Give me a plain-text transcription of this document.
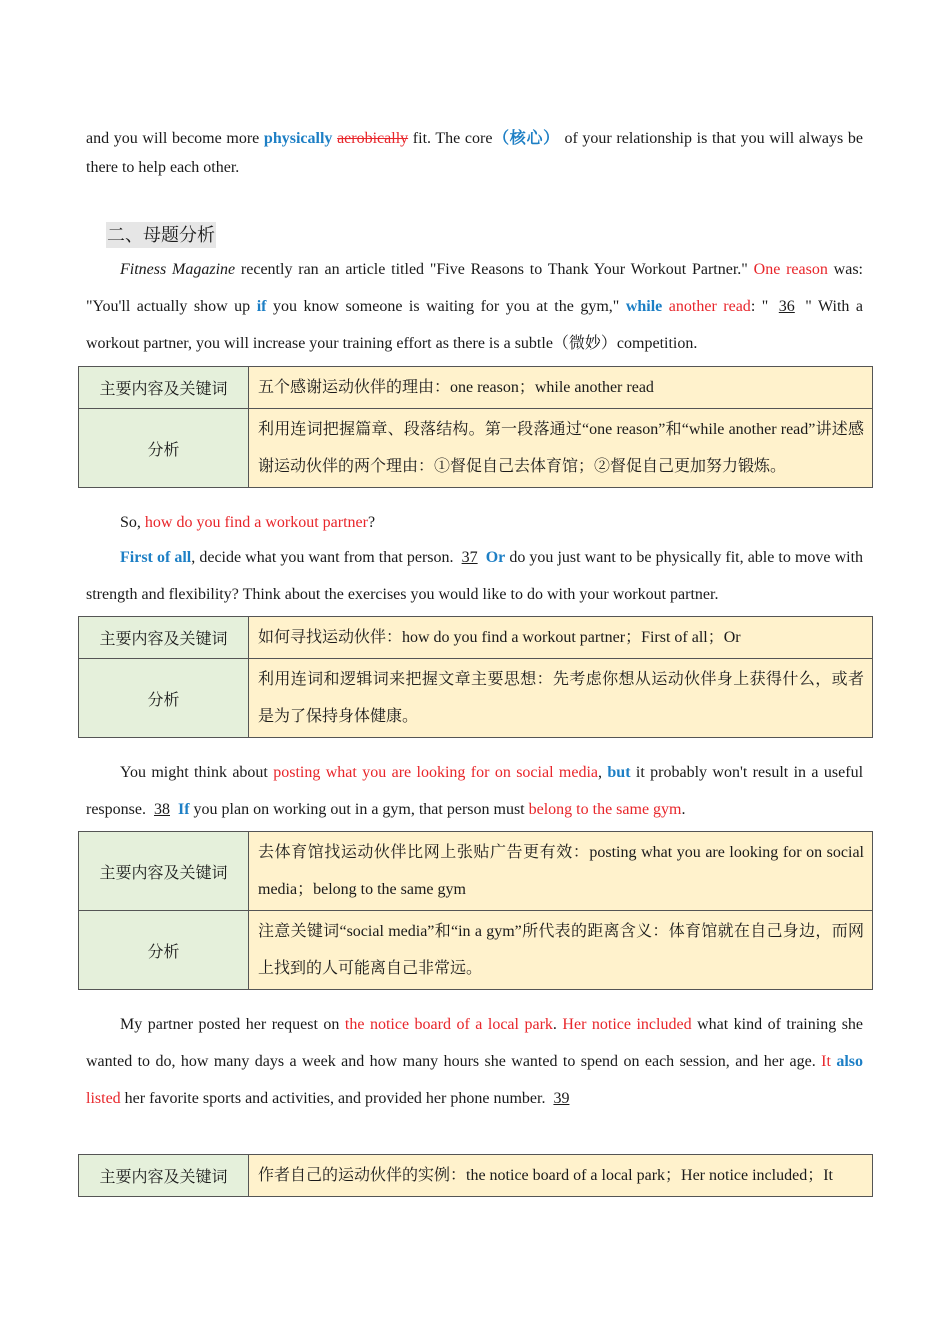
and you will become more physically aerobically fit. The core（核心） of your relationship is that you will always be there to help each other.
二、母题分析
Fitness Magazine recently ran an article titled "Five Reasons to Thank Your Workout Partner." One reason was: "You'll actually show up if you know someone is waiting for you at the gym," while another read: " 36 " With a workout partner, you will increase your training effort as there is a subtle（微妙）competition.
主要内容及关键词	五个感谢运动伙伴的理由：one reason；while another read
分析	利用连词把握篇章、段落结构。第一段落通过“one reason”和“while another read”讲述感谢运动伙伴的两个理由：①督促自己去体育馆；②督促自己更加努力锻炼。
So, how do you find a workout partner?
First of all, decide what you want from that person. 37 Or do you just want to be physically fit, able to move with strength and flexibility? Think about the exercises you would like to do with your workout partner.
主要内容及关键词	如何寻找运动伙伴：how do you find a workout partner；First of all；Or
分析	利用连词和逻辑词来把握文章主要思想：先考虑你想从运动伙伴身上获得什么，或者是为了保持身体健康。
You might think about posting what you are looking for on social media, but it probably won't result in a useful response. 38 If you plan on working out in a gym, that person must belong to the same gym.
主要内容及关键词	去体育馆找运动伙伴比网上张贴广告更有效：posting what you are looking for on social media；belong to the same gym
分析	注意关键词“social media”和“in a gym”所代表的距离含义：体育馆就在自己身边，而网上找到的人可能离自己非常远。
My partner posted her request on the notice board of a local park. Her notice included what kind of training she wanted to do, how many days a week and how many hours she wanted to spend on each session, and her age. It also listed her favorite sports and activities, and provided her phone number. 39
主要内容及关键词	作者自己的运动伙伴的实例：the notice board of a local park；Her notice included；It
